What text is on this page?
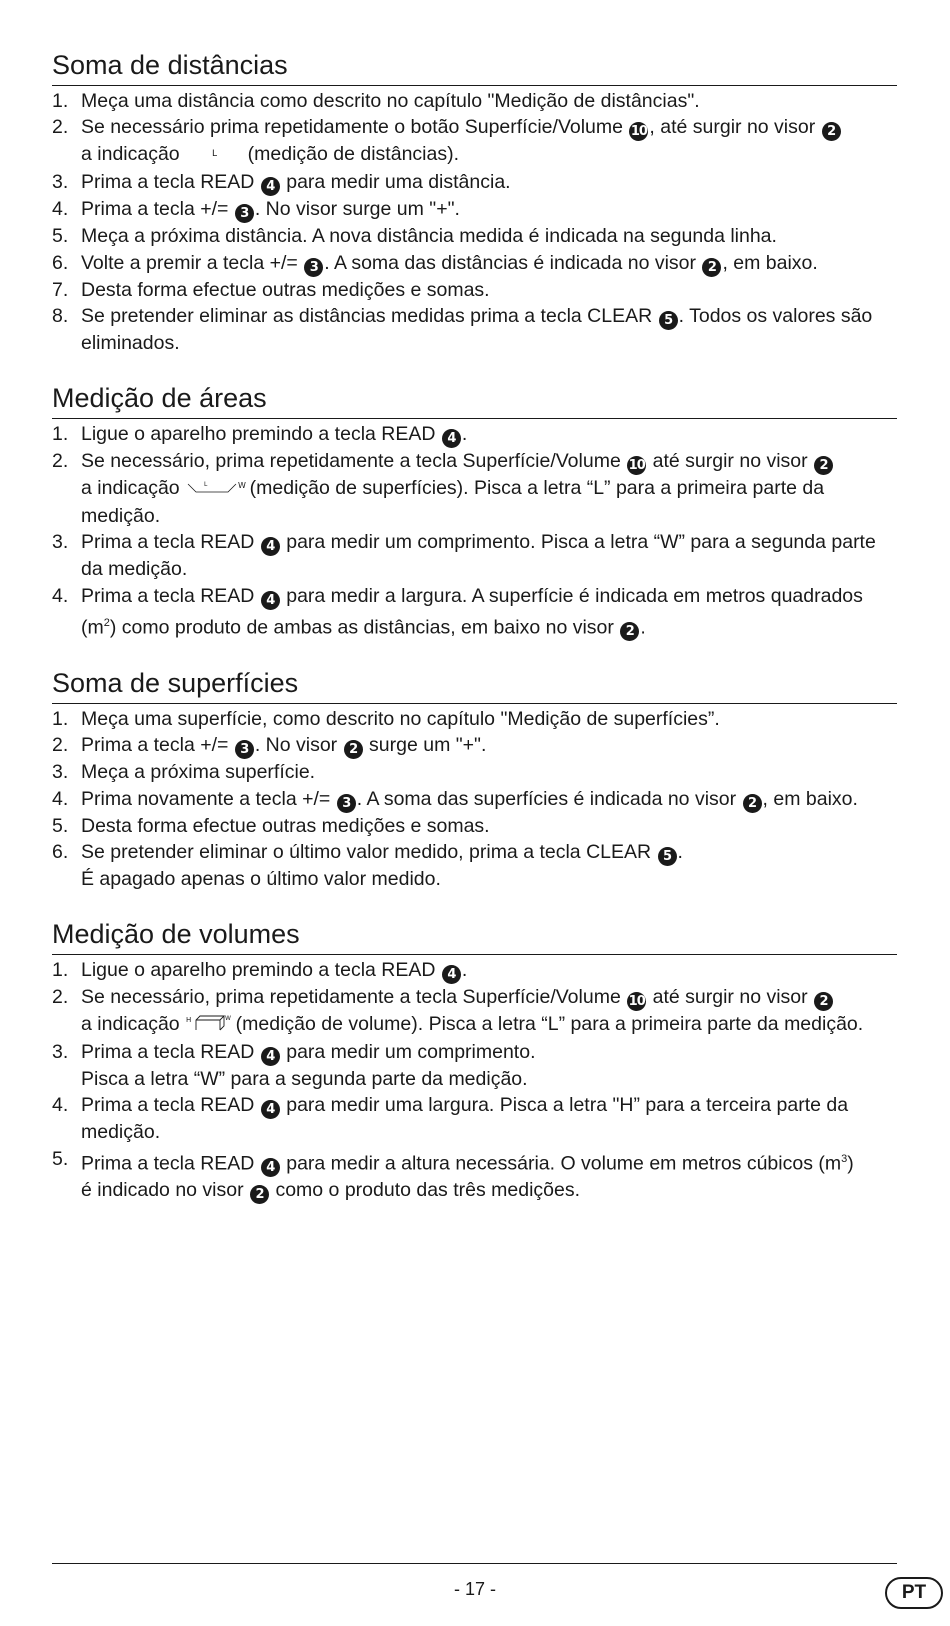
Soma de distâncias
1. Meça uma distância como descrito no capítulo "Medição de distâncias".
2. Se necessário prima repetidamente o botão Superfície/Volume 10 , até surgir no visor 2
a indicação	L (medição de distâncias).
3. Prima a tecla READ 4 para medir uma distância.
4. Prima a tecla +/= 3 . No visor surge um "+".
5. Meça a próxima distância. A nova distância medida é indicada na segunda linha.
6. Volte a premir a tecla +/= 3 . A soma das distâncias é indicada no visor 2 , em baixo.
7. Desta forma efectue outras medições e somas.
8. Se pretender eliminar as distâncias medidas prima a tecla CLEAR 5 . Todos os valores são eliminados.
Medição de áreas
1. Ligue o aparelho premindo a tecla READ 4 .
2. Se necessário, prima repetidamente a tecla Superfície/Volume 10 até surgir no visor 2
a indicação	L	W (medição de superfícies). Pisca a letra “L” para a primeira parte da medição.
3. Prima a tecla READ 4 para medir um comprimento. Pisca a letra “W” para a segunda parte da medição.
4. Prima a tecla READ 4 para medir a largura. A superfície é indicada em metros quadrados $(m^2)$ como produto de ambas as distâncias, em baixo no visor 2 .
Soma de superfícies
1. Meça uma superfície, como descrito no capítulo "Medição de superfícies”.
2. Prima a tecla +/= 3 . No visor 2 surge um "+".
3. Meça a próxima superfície.
4. Prima novamente a tecla +/= 3 . A soma das superfícies é indicada no visor 2 , em baixo.
5. Desta forma efectue outras medições e somas.
6. Se pretender eliminar o último valor medido, prima a tecla CLEAR 5 .
É apagado apenas o último valor medido.
Medição de volumes
1. Ligue o aparelho premindo a tecla READ 4 .
2. Se necessário, prima repetidamente a tecla Superfície/Volume 10 até surgir no visor 2
a indicação H	W (medição de volume). Pisca a letra “L” para a primeira parte da medição.
3. Prima a tecla READ 4 para medir um comprimento.
Pisca a letra “W” para a segunda parte da medição.
4. Prima a tecla READ 4 para medir uma largura. Pisca a letra "H” para a terceira parte da medição.
5. Prima a tecla READ 4 para medir a altura necessária. O volume em metros cúbicos $(m^3)$
é indicado no visor 2 como o produto das três medições.
- 17 -	PT
